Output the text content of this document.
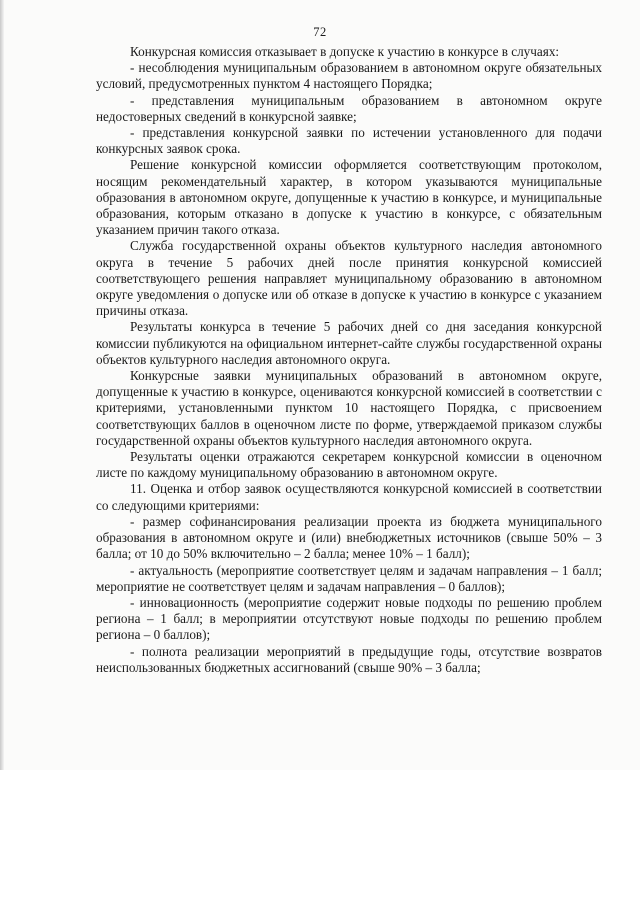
72

Конкурсная комиссия отказывает в допуске к участию в конкурсе в случаях:

- несоблюдения муниципальным образованием в автономном округе обязательных условий, предусмотренных пунктом 4 настоящего Порядка;

- представления муниципальным образованием в автономном округе недостоверных сведений в конкурсной заявке;

- представления конкурсной заявки по истечении установленного для подачи конкурсных заявок срока.

Решение конкурсной комиссии оформляется соответствующим протоколом, носящим рекомендательный характер, в котором указываются муниципальные образования в автономном округе, допущенные к участию в конкурсе, и муниципальные образования, которым отказано в допуске к участию в конкурсе, с обязательным указанием причин такого отказа.

Служба государственной охраны объектов культурного наследия автономного округа в течение 5 рабочих дней после принятия конкурсной комиссией соответствующего решения направляет муниципальному образованию в автономном округе уведомления о допуске или об отказе в допуске к участию в конкурсе с указанием причины отказа.

Результаты конкурса в течение 5 рабочих дней со дня заседания конкурсной комиссии публикуются на официальном интернет-сайте службы государственной охраны объектов культурного наследия автономного округа.

Конкурсные заявки муниципальных образований в автономном округе, допущенные к участию в конкурсе, оцениваются конкурсной комиссией в соответствии с критериями, установленными пунктом 10 настоящего Порядка, с присвоением соответствующих баллов в оценочном листе по форме, утверждаемой приказом службы государственной охраны объектов культурного наследия автономного округа.

Результаты оценки отражаются секретарем конкурсной комиссии в оценочном листе по каждому муниципальному образованию в автономном округе.

11. Оценка и отбор заявок осуществляются конкурсной комиссией в соответствии со следующими критериями:

- размер софинансирования реализации проекта из бюджета муниципального образования в автономном округе и (или) внебюджетных источников (свыше 50% – 3 балла; от 10 до 50% включительно – 2 балла; менее 10% – 1 балл);

- актуальность (мероприятие соответствует целям и задачам направления – 1 балл; мероприятие не соответствует целям и задачам направления – 0 баллов);

- инновационность (мероприятие содержит новые подходы по решению проблем региона – 1 балл; в мероприятии отсутствуют новые подходы по решению проблем региона – 0 баллов);

- полнота реализации мероприятий в предыдущие годы, отсутствие возвратов неиспользованных бюджетных ассигнований (свыше 90% – 3 балла;
